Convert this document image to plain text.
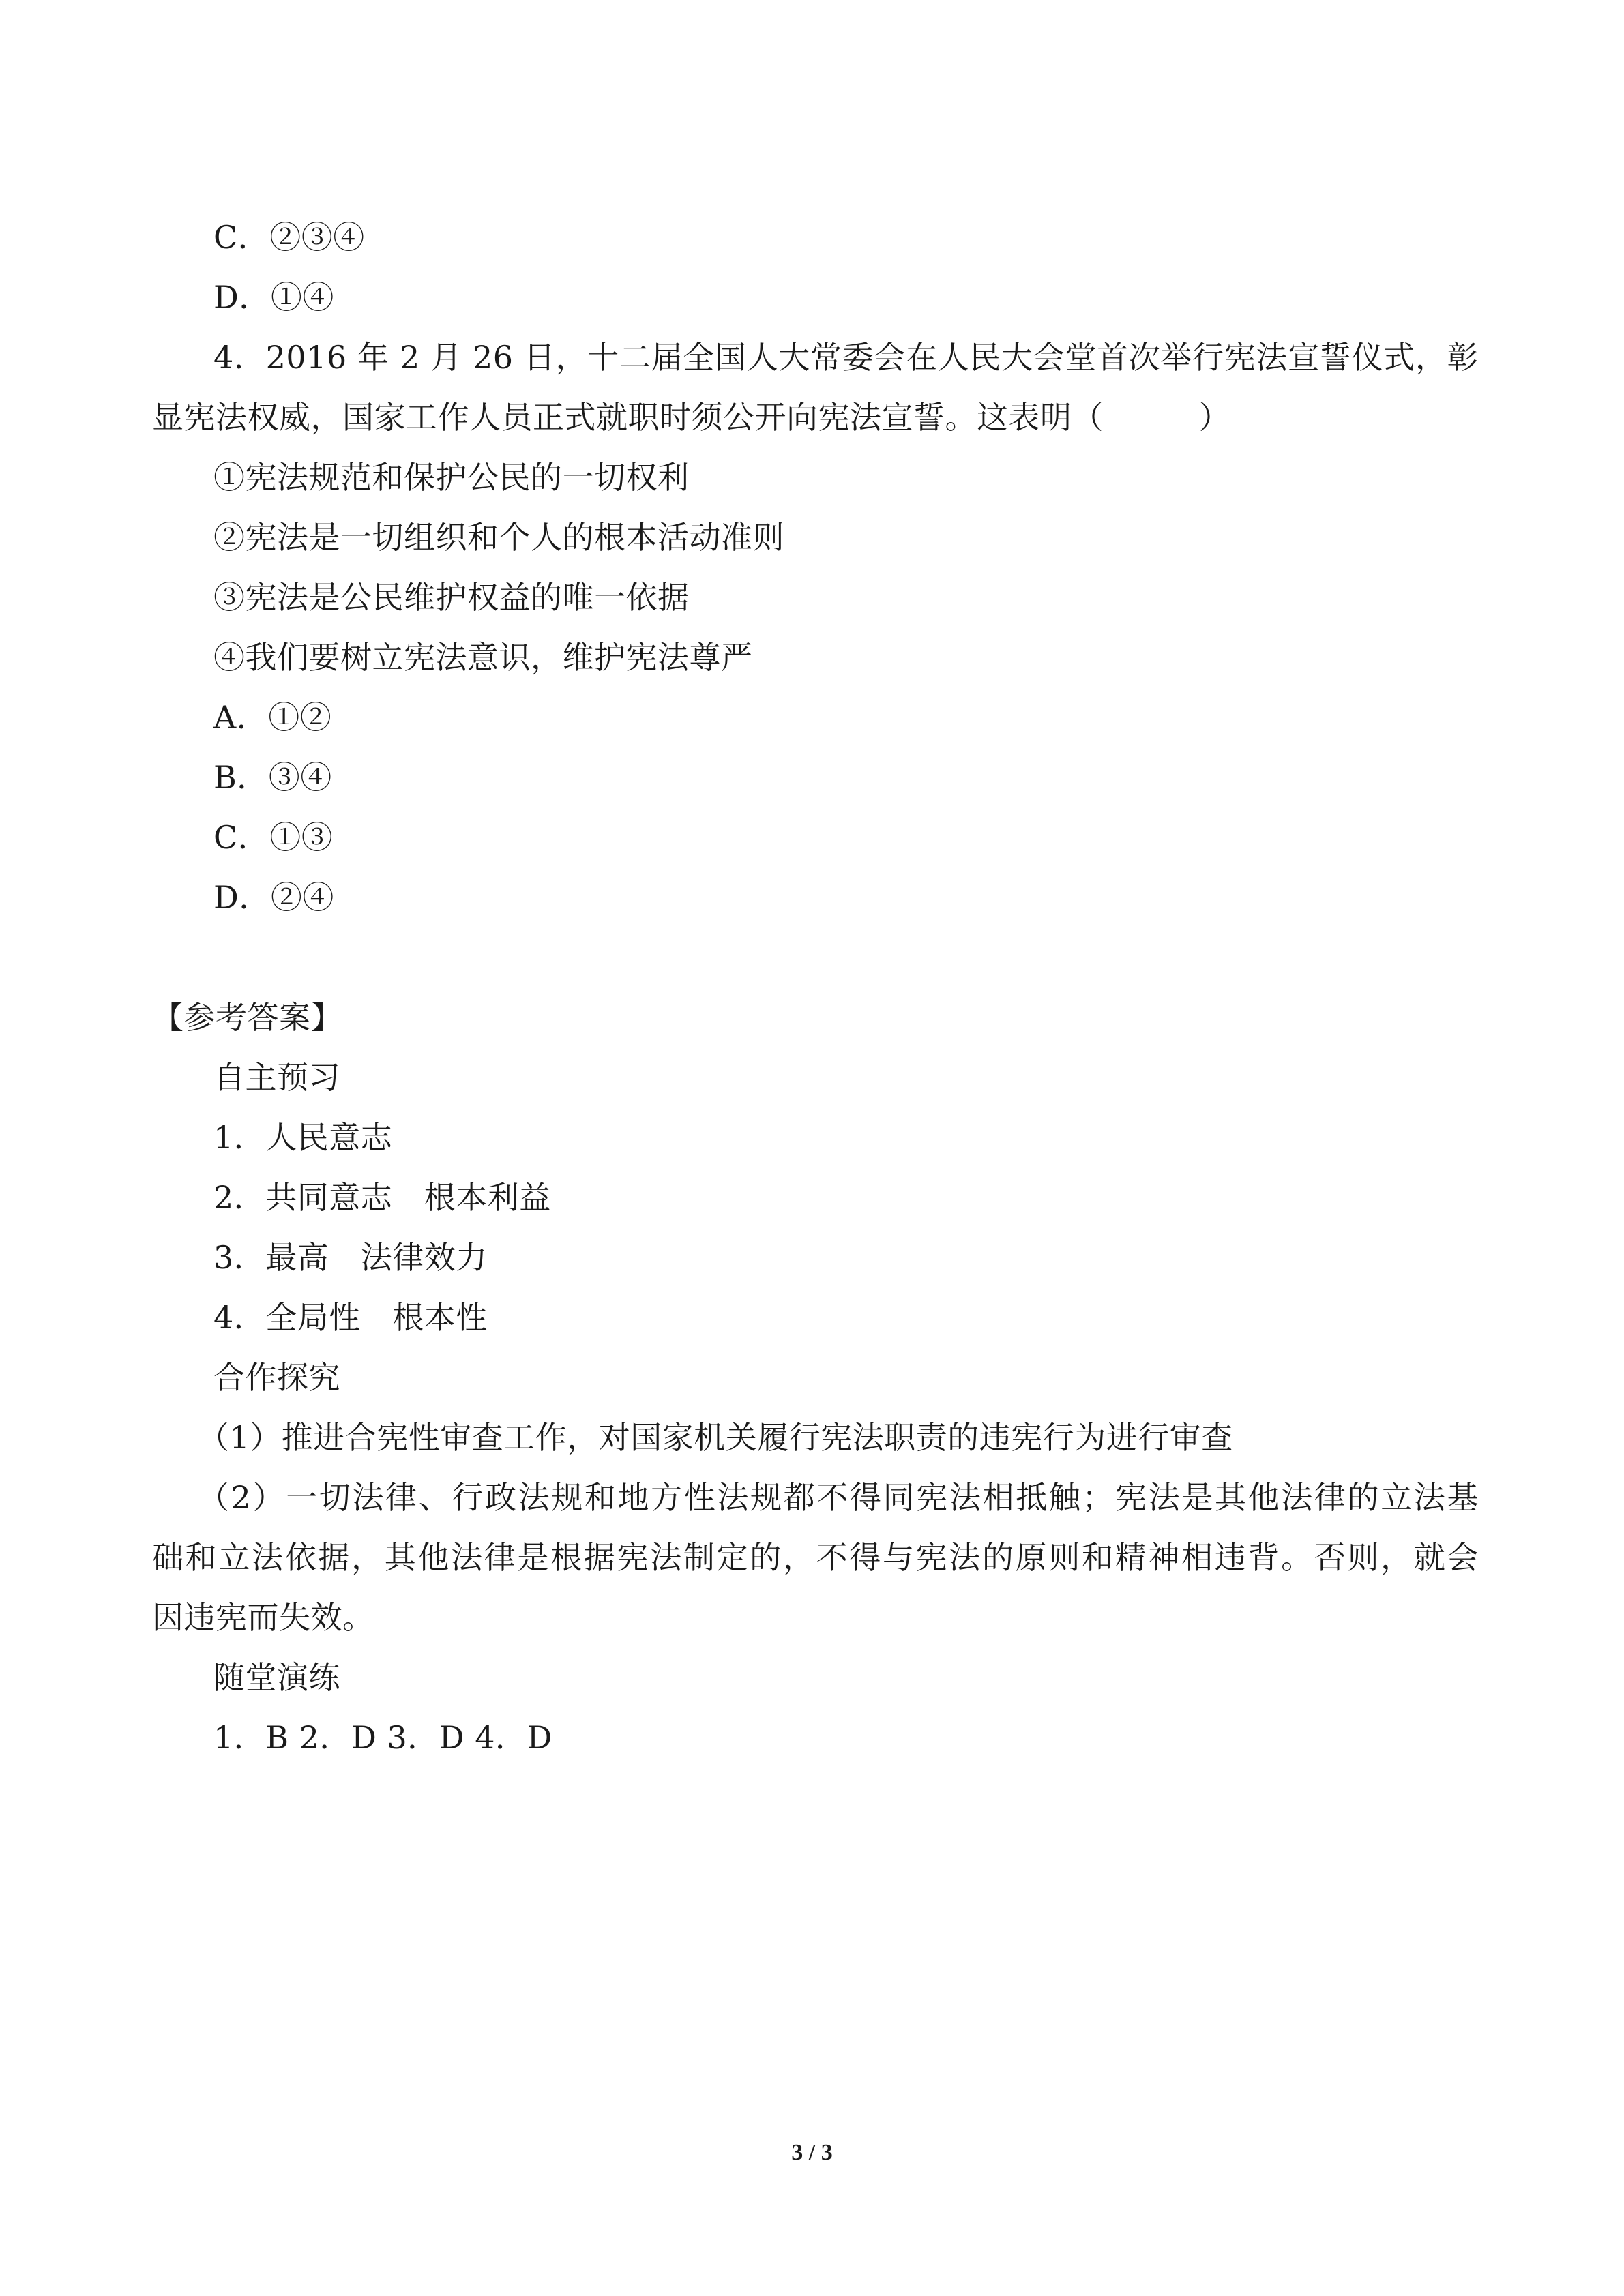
C．②③④
D．①④
4．2016 年 2 月 26 日，十二届全国人大常委会在人民大会堂首次举行宪法宣誓仪式，彰
显宪法权威，国家工作人员正式就职时须公开向宪法宣誓。这表明（　　　）
①宪法规范和保护公民的一切权利
②宪法是一切组织和个人的根本活动准则
③宪法是公民维护权益的唯一依据
④我们要树立宪法意识，维护宪法尊严
A．①②
B．③④
C．①③
D．②④
【参考答案】
自主预习
1．人民意志
2．共同意志　根本利益
3．最高　法律效力
4．全局性　根本性
合作探究
（1）推进合宪性审查工作，对国家机关履行宪法职责的违宪行为进行审查
（2）一切法律、行政法规和地方性法规都不得同宪法相抵触；宪法是其他法律的立法基
础和立法依据，其他法律是根据宪法制定的，不得与宪法的原则和精神相违背。否则，就会
因违宪而失效。
随堂演练
1．B 2．D 3．D 4．D
3 / 3
